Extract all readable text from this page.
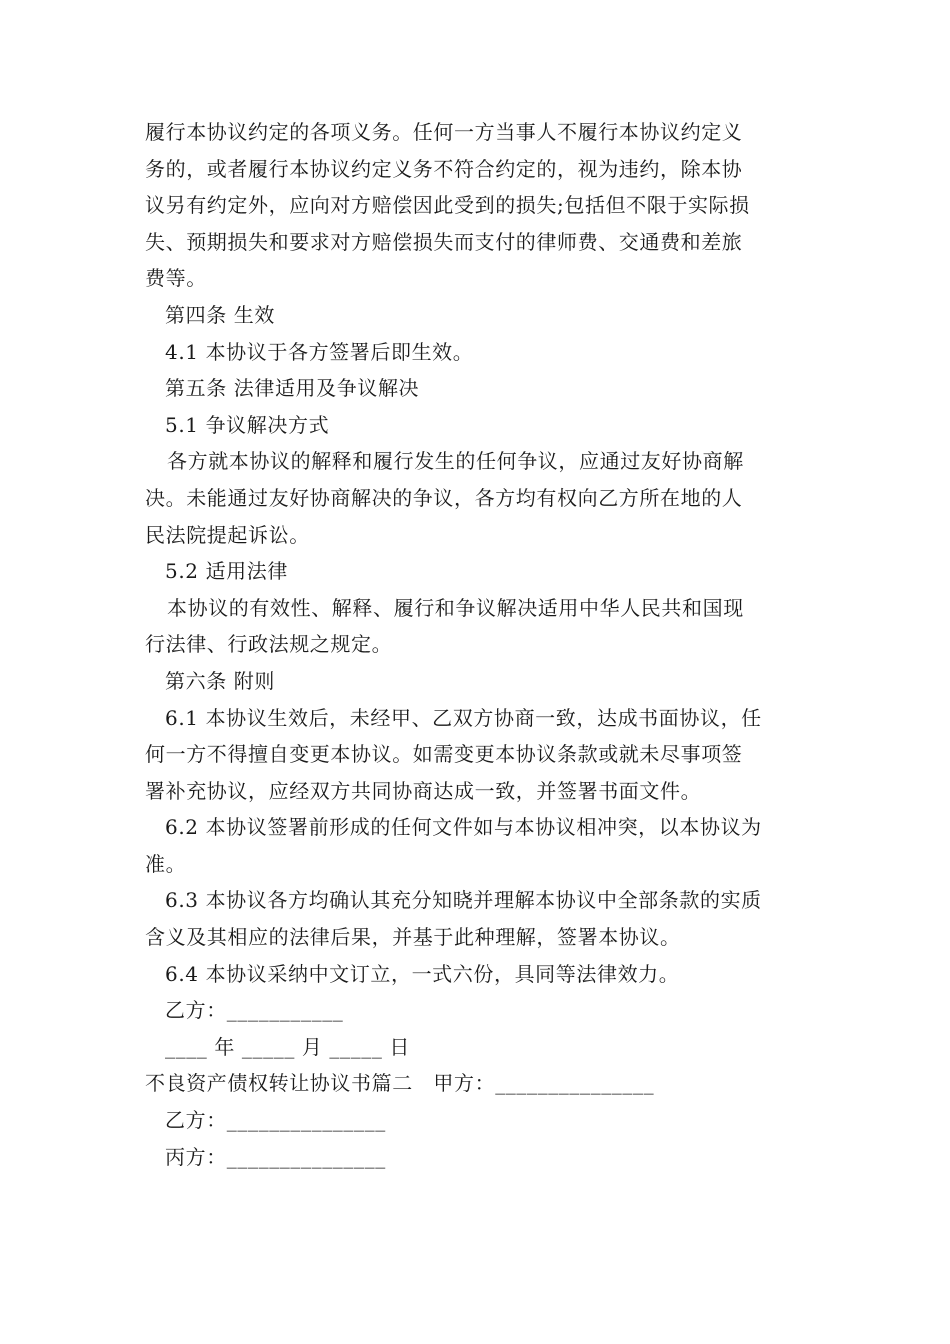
履行本协议约定的各项义务。任何一方当事人不履行本协议约定义
务的，或者履行本协议约定义务不符合约定的，视为违约，除本协
议另有约定外，应向对方赔偿因此受到的损失;包括但不限于实际损
失、预期损失和要求对方赔偿损失而支付的律师费、交通费和差旅
费等。
第四条 生效
4.1 本协议于各方签署后即生效。
第五条 法律适用及争议解决
5.1 争议解决方式
各方就本协议的解释和履行发生的任何争议，应通过友好协商解
决。未能通过友好协商解决的争议，各方均有权向乙方所在地的人
民法院提起诉讼。
5.2 适用法律
本协议的有效性、解释、履行和争议解决适用中华人民共和国现
行法律、行政法规之规定。
第六条 附则
6.1 本协议生效后，未经甲、乙双方协商一致，达成书面协议，任
何一方不得擅自变更本协议。如需变更本协议条款或就未尽事项签
署补充协议，应经双方共同协商达成一致，并签署书面文件。
6.2 本协议签署前形成的任何文件如与本协议相冲突，以本协议为
准。
6.3 本协议各方均确认其充分知晓并理解本协议中全部条款的实质
含义及其相应的法律后果，并基于此种理解，签署本协议。
6.4 本协议采纳中文订立，一式六份，具同等法律效力。
乙方：___________
____ 年 _____ 月 _____ 日
不良资产债权转让协议书篇二　甲方：_______________
乙方：_______________
丙方：_______________
